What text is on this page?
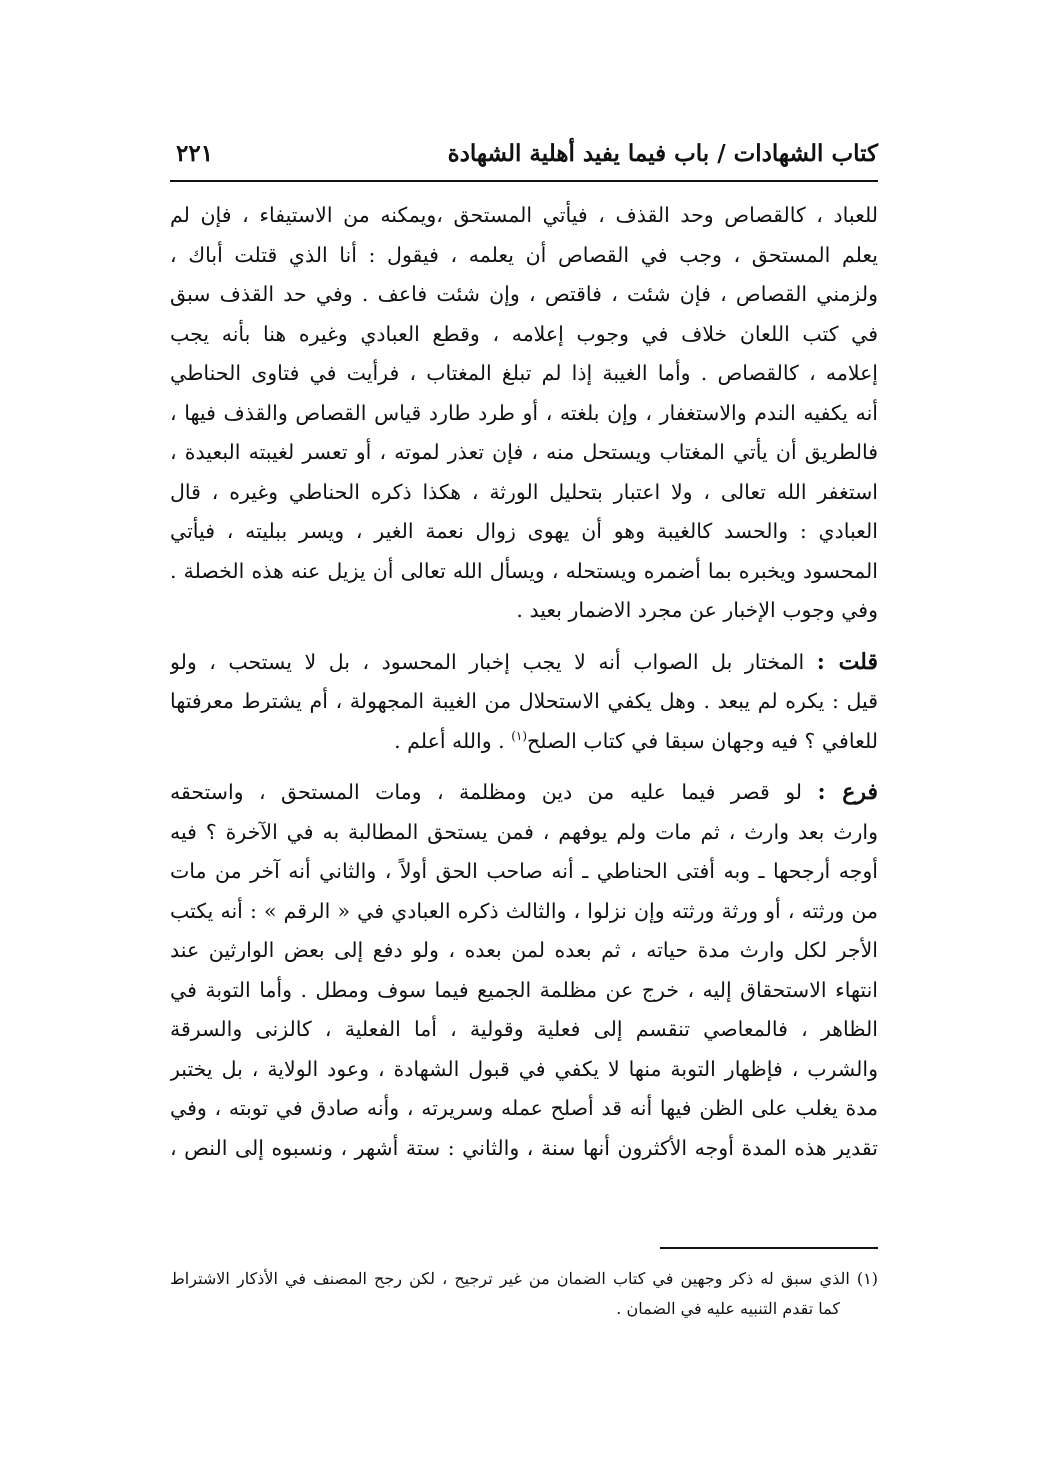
كتاب الشهادات / باب فيما يفيد أهلية الشهادة
٢٢١
للعباد ، كالقصاص وحد القذف ، فيأتي المستحق ،ويمكنه من الاستيفاء ، فإن لم
يعلم المستحق ، وجب في القصاص أن يعلمه ، فيقول : أنا الذي قتلت أباك ،
ولزمني القصاص ، فإن شئت ، فاقتص ، وإن شئت فاعف . وفي حد القذف سبق
في كتب اللعان خلاف في وجوب إعلامه ، وقطع العبادي وغيره هنا بأنه يجب
إعلامه ، كالقصاص . وأما الغيبة إذا لم تبلغ المغتاب ، فرأيت في فتاوى الحناطي
أنه يكفيه الندم والاستغفار ، وإن بلغته ، أو طرد طارد قياس القصاص والقذف فيها ،
فالطريق أن يأتي المغتاب ويستحل منه ، فإن تعذر لموته ، أو تعسر لغيبته البعيدة ،
استغفر الله تعالى ، ولا اعتبار بتحليل الورثة ، هكذا ذكره الحناطي وغيره ، قال
العبادي : والحسد كالغيبة وهو أن يهوى زوال نعمة الغير ، ويسر ببليته ، فيأتي
المحسود ويخبره بما أضمره ويستحله ، ويسأل الله تعالى أن يزيل عنه هذه الخصلة .
وفي وجوب الإخبار عن مجرد الاضمار بعيد .
قلت : المختار بل الصواب أنه لا يجب إخبار المحسود ، بل لا يستحب ، ولو
قيل : يكره لم يبعد . وهل يكفي الاستحلال من الغيبة المجهولة ، أم يشترط معرفتها
للعافي ؟ فيه وجهان سبقا في كتاب الصلح$^{(١)}$ . والله أعلم .
فرع : لو قصر فيما عليه من دين ومظلمة ، ومات المستحق ، واستحقه
وارث بعد وارث ، ثم مات ولم يوفهم ، فمن يستحق المطالبة به في الآخرة ؟ فيه
أوجه أرجحها ـ وبه أفتى الحناطي ـ أنه صاحب الحق أولاً ، والثاني أنه آخر من مات
من ورثته ، أو ورثة ورثته وإن نزلوا ، والثالث ذكره العبادي في « الرقم » : أنه يكتب
الأجر لكل وارث مدة حياته ، ثم بعده لمن بعده ، ولو دفع إلى بعض الوارثين عند
انتهاء الاستحقاق إليه ، خرج عن مظلمة الجميع فيما سوف ومطل . وأما التوبة في
الظاهر ، فالمعاصي تنقسم إلى فعلية وقولية ، أما الفعلية ، كالزنى والسرقة
والشرب ، فإظهار التوبة منها لا يكفي في قبول الشهادة ، وعود الولاية ، بل يختبر
مدة يغلب على الظن فيها أنه قد أصلح عمله وسريرته ، وأنه صادق في توبته ، وفي
تقدير هذه المدة أوجه الأكثرون أنها سنة ، والثاني : ستة أشهر ، ونسبوه إلى النص ،
(١) الذي سبق له ذكر وجهين في كتاب الضمان من غير ترجيح ، لكن رجح المصنف في الأذكار الاشتراط
كما تقدم التنبيه عليه في الضمان .
